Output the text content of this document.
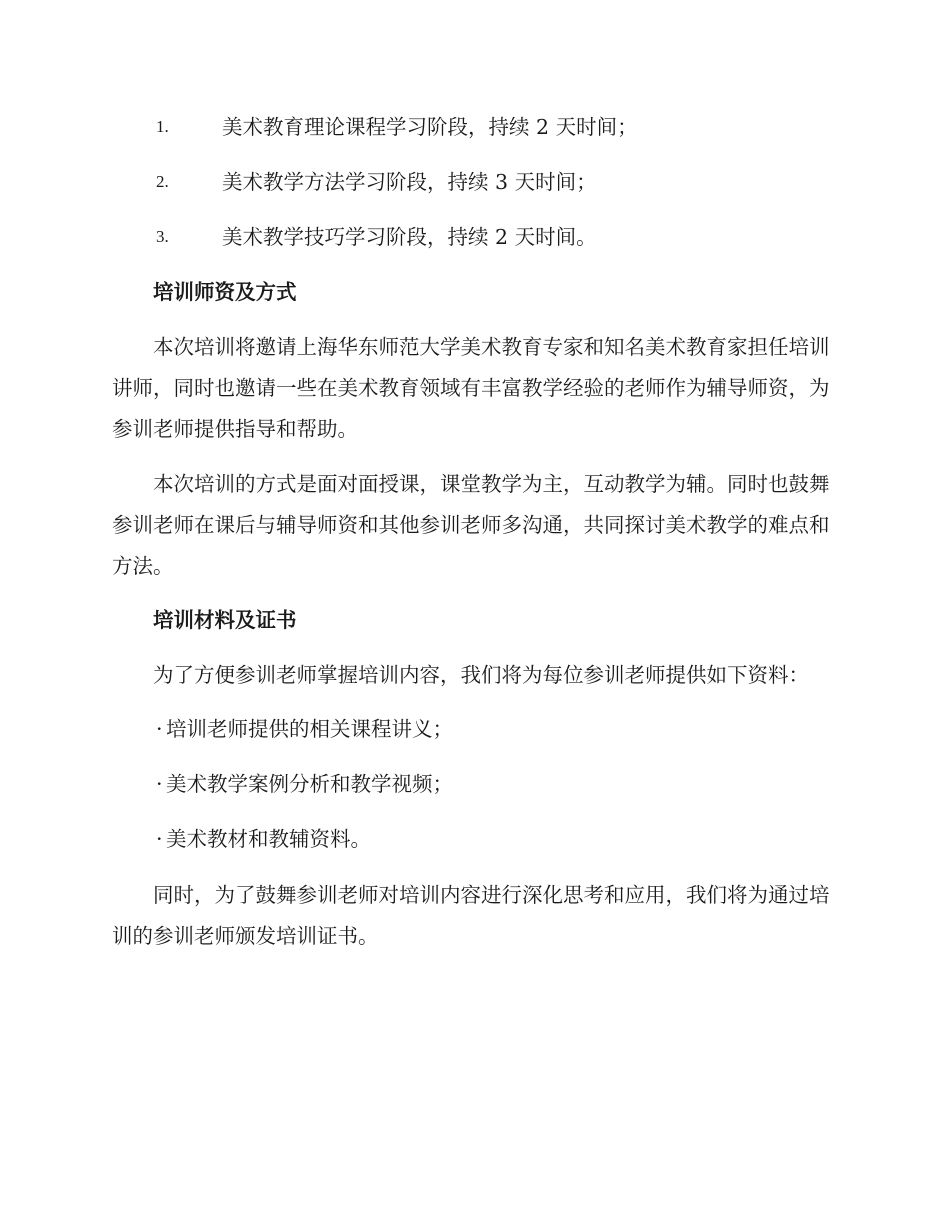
1.	美术教育理论课程学习阶段，持续 2 天时间；
2.	美术教学方法学习阶段，持续 3 天时间；
3.	美术教学技巧学习阶段，持续 2 天时间。

培训师资及方式

本次培训将邀请上海华东师范大学美术教育专家和知名美术教育家担任培训讲师，同时也邀请一些在美术教育领域有丰富教学经验的老师作为辅导师资，为参训老师提供指导和帮助。

本次培训的方式是面对面授课，课堂教学为主，互动教学为辅。同时也鼓舞参训老师在课后与辅导师资和其他参训老师多沟通，共同探讨美术教学的难点和方法。

培训材料及证书

为了方便参训老师掌握培训内容，我们将为每位参训老师提供如下资料：

· 培训老师提供的相关课程讲义；
· 美术教学案例分析和教学视频；
· 美术教材和教辅资料。

同时，为了鼓舞参训老师对培训内容进行深化思考和应用，我们将为通过培训的参训老师颁发培训证书。
